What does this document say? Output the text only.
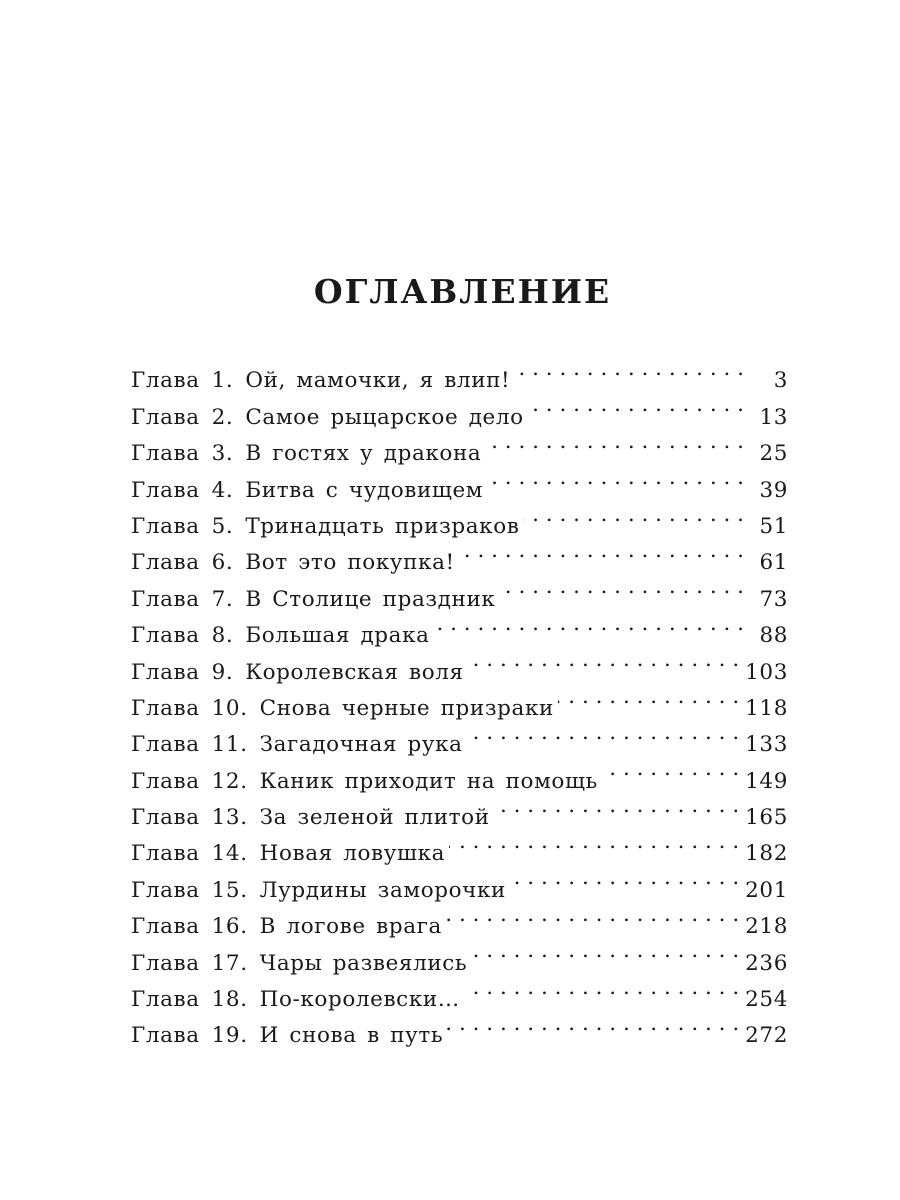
ОГЛАВЛЕНИЕ
Глава 1. Ой, мамочки, я влип! . . .	3
Глава 2. Самое рыцарское дело . . .	13
Глава 3. В гостях у дракона . . .	25
Глава 4. Битва с чудовищем . . .	39
Глава 5. Тринадцать призраков . . .	51
Глава 6. Вот это покупка! . . .	61
Глава 7. В Столице праздник . . .	73
Глава 8. Большая драка . . .	88
Глава 9. Королевская воля . . .	103
Глава 10. Снова черные призраки . . .	118
Глава 11. Загадочная рука . . .	133
Глава 12. Каник приходит на помощь . . .	149
Глава 13. За зеленой плитой . . .	165
Глава 14. Новая ловушка . . .	182
Глава 15. Лурдины заморочки . . .	201
Глава 16. В логове врага . . .	218
Глава 17. Чары развеялись . . .	236
Глава 18. По-королевски… . . .	254
Глава 19. И снова в путь . . .	272
